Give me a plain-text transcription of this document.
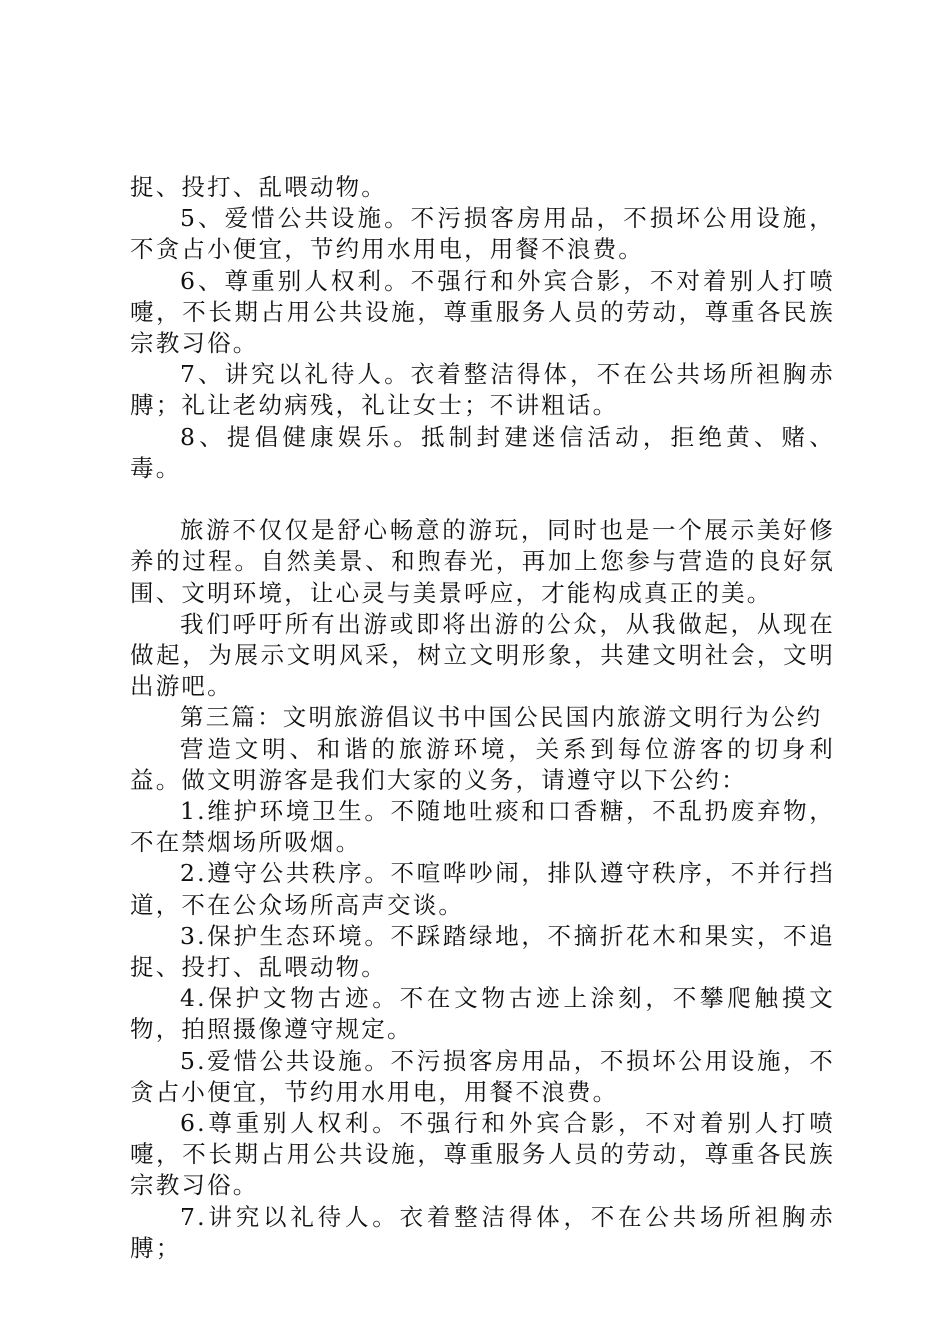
捉、投打、乱喂动物。

5、爱惜公共设施。不污损客房用品，不损坏公用设施，不贪占小便宜，节约用水用电，用餐不浪费。

6、尊重别人权利。不强行和外宾合影，不对着别人打喷嚏，不长期占用公共设施，尊重服务人员的劳动，尊重各民族宗教习俗。

7、讲究以礼待人。衣着整洁得体，不在公共场所袒胸赤膊；礼让老幼病残，礼让女士；不讲粗话。

8、提倡健康娱乐。抵制封建迷信活动，拒绝黄、赌、毒。

旅游不仅仅是舒心畅意的游玩，同时也是一个展示美好修养的过程。自然美景、和煦春光，再加上您参与营造的良好氛围、文明环境，让心灵与美景呼应，才能构成真正的美。

我们呼吁所有出游或即将出游的公众，从我做起，从现在做起，为展示文明风采，树立文明形象，共建文明社会，文明出游吧。

第三篇：文明旅游倡议书中国公民国内旅游文明行为公约

营造文明、和谐的旅游环境，关系到每位游客的切身利益。做文明游客是我们大家的义务，请遵守以下公约：

1.维护环境卫生。不随地吐痰和口香糖，不乱扔废弃物，不在禁烟场所吸烟。

2.遵守公共秩序。不喧哗吵闹，排队遵守秩序，不并行挡道，不在公众场所高声交谈。

3.保护生态环境。不踩踏绿地，不摘折花木和果实，不追捉、投打、乱喂动物。

4.保护文物古迹。不在文物古迹上涂刻，不攀爬触摸文物，拍照摄像遵守规定。

5.爱惜公共设施。不污损客房用品，不损坏公用设施，不贪占小便宜，节约用水用电，用餐不浪费。

6.尊重别人权利。不强行和外宾合影，不对着别人打喷嚏，不长期占用公共设施，尊重服务人员的劳动，尊重各民族宗教习俗。

7.讲究以礼待人。衣着整洁得体，不在公共场所袒胸赤膊；
